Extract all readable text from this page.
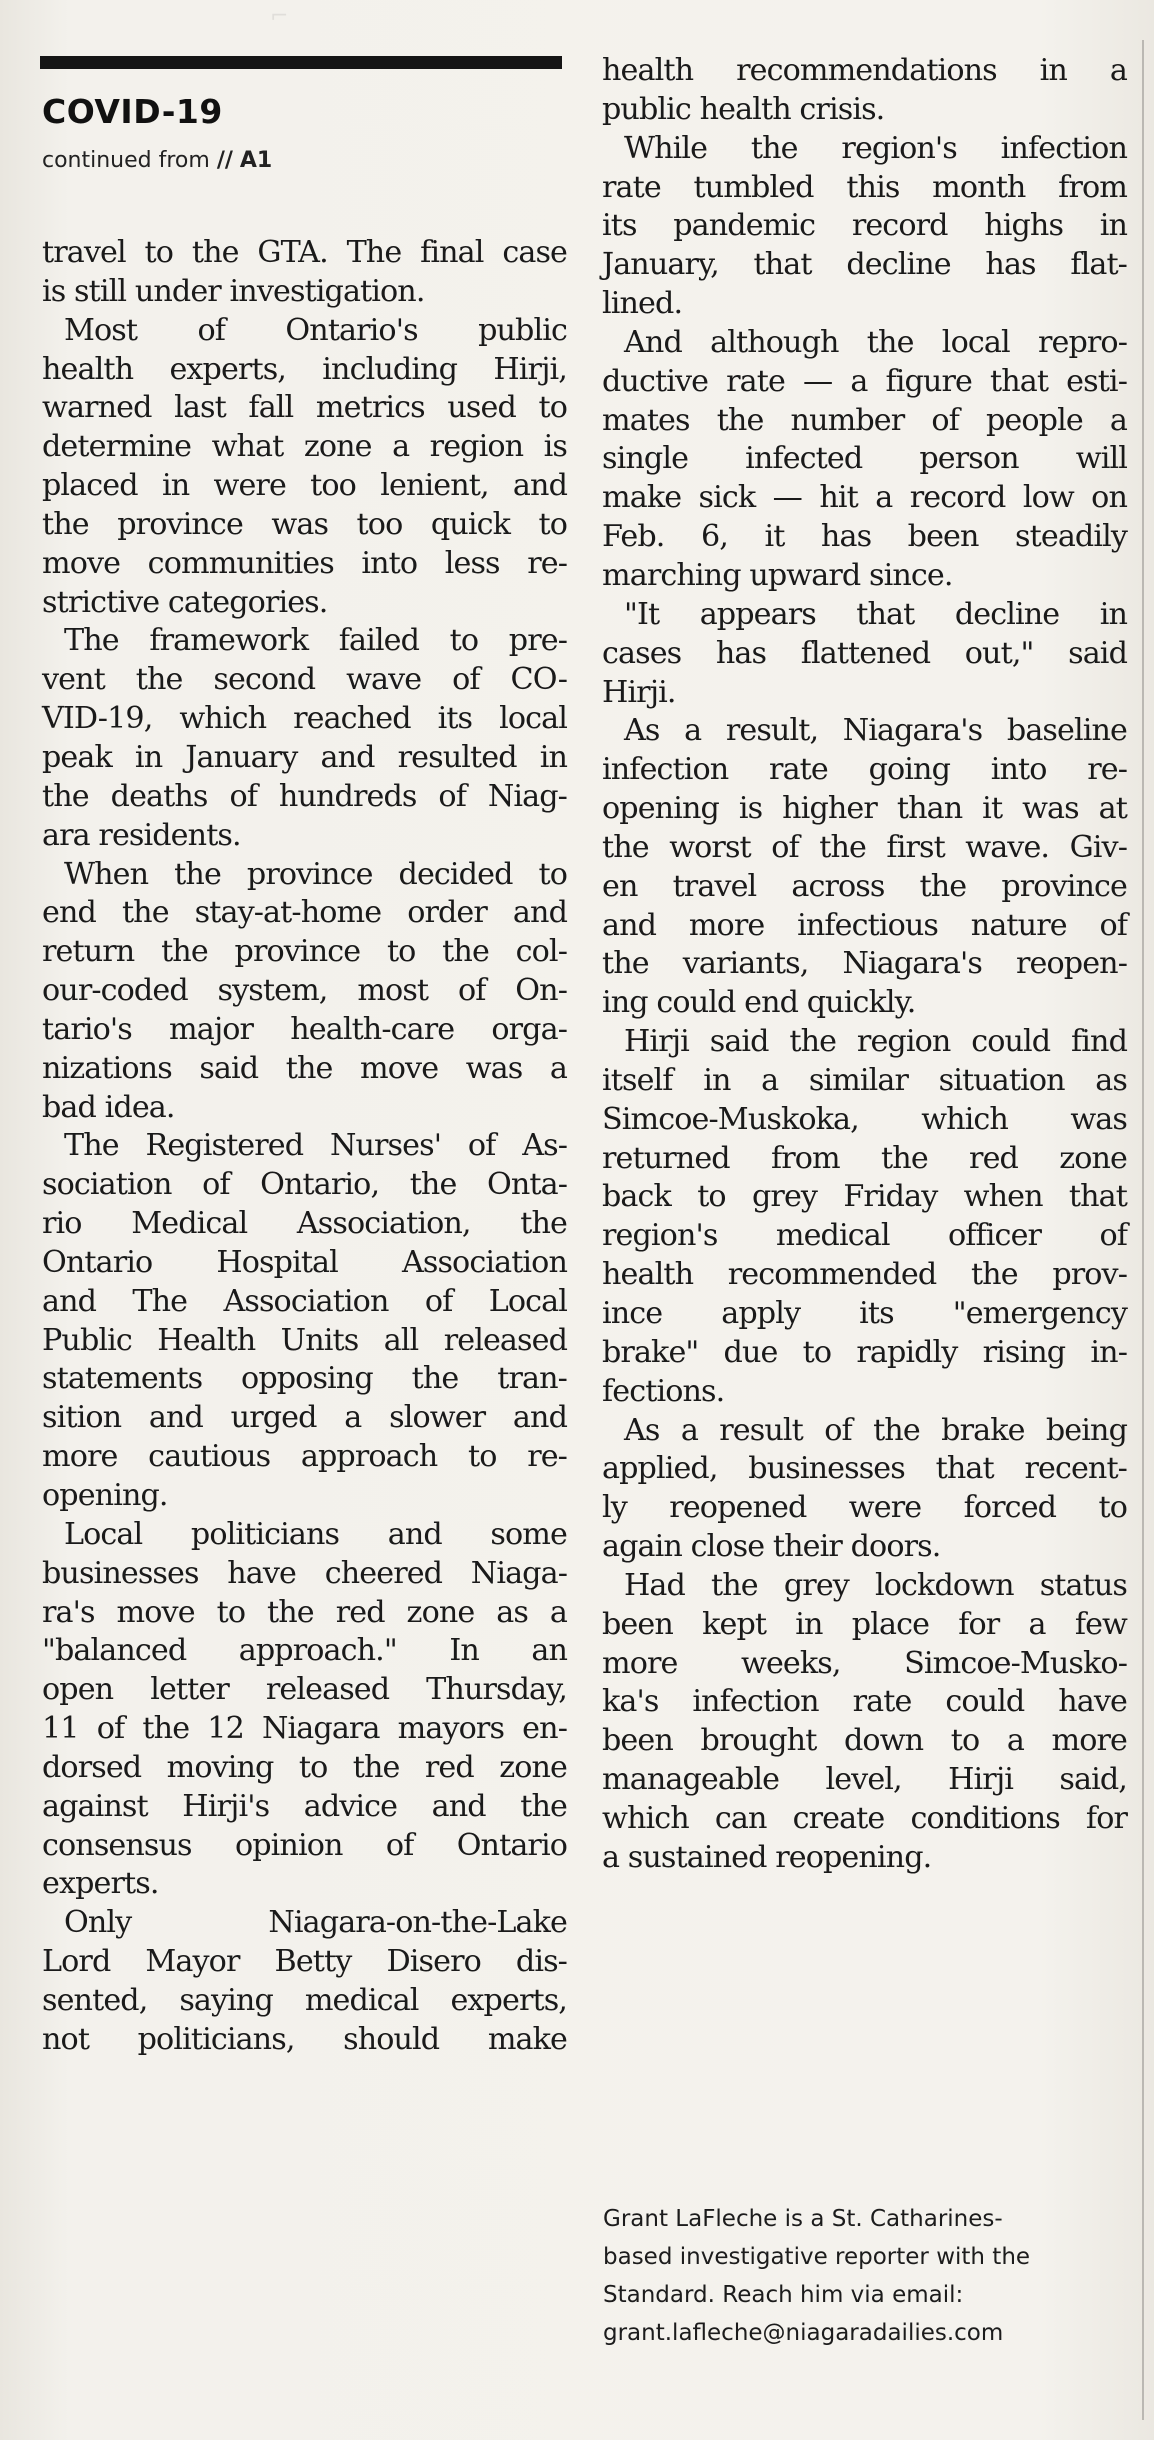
⌐
COVID-19
continued from // A1

travel to the GTA. The final case
is still under investigation.

Most of Ontario's public
health experts, including Hirji,
warned last fall metrics used to
determine what zone a region is
placed in were too lenient, and
the province was too quick to
move communities into less re-
strictive categories.

The framework failed to pre-
vent the second wave of CO-
VID-19, which reached its local
peak in January and resulted in
the deaths of hundreds of Niag-
ara residents.

When the province decided to
end the stay-at-home order and
return the province to the col-
our-coded system, most of On-
tario's major health-care orga-
nizations said the move was a
bad idea.

The Registered Nurses' of As-
sociation of Ontario, the Onta-
rio Medical Association, the
Ontario Hospital Association
and The Association of Local
Public Health Units all released
statements opposing the tran-
sition and urged a slower and
more cautious approach to re-
opening.

Local politicians and some
businesses have cheered Niaga-
ra's move to the red zone as a
"balanced approach." In an
open letter released Thursday,
11 of the 12 Niagara mayors en-
dorsed moving to the red zone
against Hirji's advice and the
consensus opinion of Ontario
experts.

Only Niagara-on-the-Lake
Lord Mayor Betty Disero dis-
sented, saying medical experts,
not politicians, should make

health recommendations in a
public health crisis.

While the region's infection
rate tumbled this month from
its pandemic record highs in
January, that decline has flat-
lined.

And although the local repro-
ductive rate — a figure that esti-
mates the number of people a
single infected person will
make sick — hit a record low on
Feb. 6, it has been steadily
marching upward since.

"It appears that decline in
cases has flattened out," said
Hirji.

As a result, Niagara's baseline
infection rate going into re-
opening is higher than it was at
the worst of the first wave. Giv-
en travel across the province
and more infectious nature of
the variants, Niagara's reopen-
ing could end quickly.

Hirji said the region could find
itself in a similar situation as
Simcoe-Muskoka, which was
returned from the red zone
back to grey Friday when that
region's medical officer of
health recommended the prov-
ince apply its "emergency
brake" due to rapidly rising in-
fections.

As a result of the brake being
applied, businesses that recent-
ly reopened were forced to
again close their doors.

Had the grey lockdown status
been kept in place for a few
more weeks, Simcoe-Musko-
ka's infection rate could have
been brought down to a more
manageable level, Hirji said,
which can create conditions for
a sustained reopening.

Grant LaFleche is a St. Catharines-
based investigative reporter with the
Standard. Reach him via email:
grant.lafleche@niagaradailies.com
